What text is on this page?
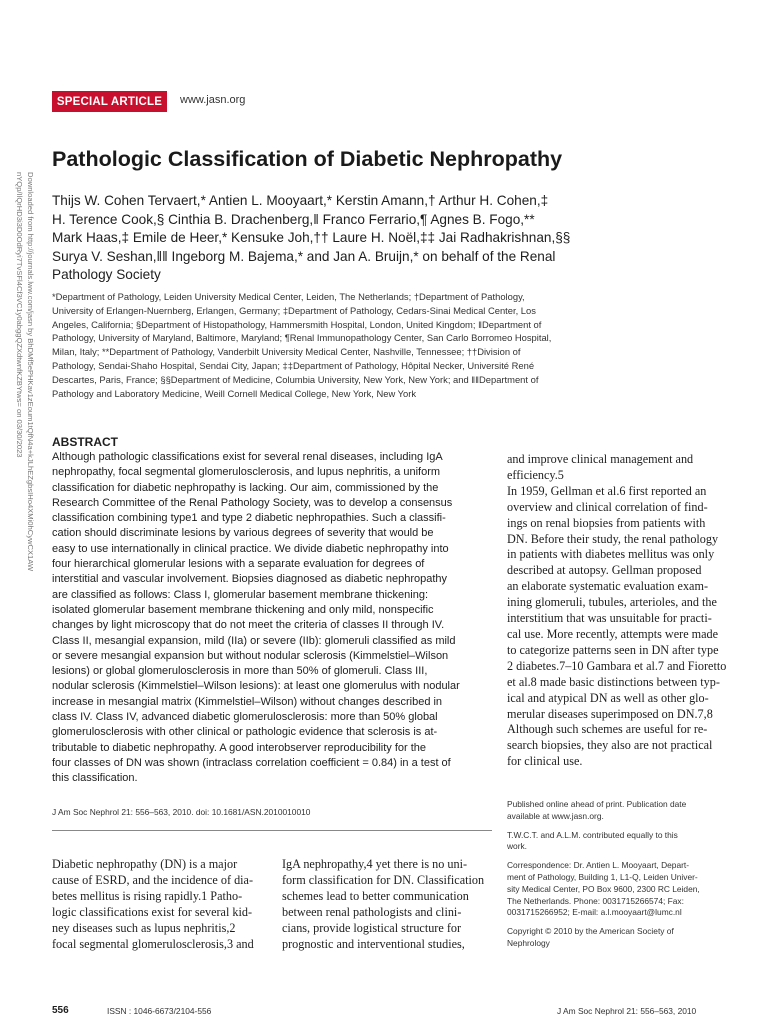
Downloaded from http://journals.lww.com/jasn by BhDMf5ePHKav1zEoum1tQfN4a+kJLhEZgbsIHo4XMi0hCywCX1AW
nYQp/IlQrHD3i3D0OdRyi7TvSFl4Cf3VC1y0abggQZXdtwnfKZBYtws= on 03/30/2023
SPECIAL ARTICLE	www.jasn.org
Pathologic Classification of Diabetic Nephropathy
Thijs W. Cohen Tervaert,* Antien L. Mooyaart,* Kerstin Amann,† Arthur H. Cohen,‡
H. Terence Cook,§ Cinthia B. Drachenberg,‖ Franco Ferrario,¶ Agnes B. Fogo,**
Mark Haas,‡ Emile de Heer,* Kensuke Joh,†† Laure H. Noël,‡‡ Jai Radhakrishnan,§§
Surya V. Seshan,‖‖ Ingeborg M. Bajema,* and Jan A. Bruijn,* on behalf of the Renal
Pathology Society
*Department of Pathology, Leiden University Medical Center, Leiden, The Netherlands; †Department of Pathology,
University of Erlangen-Nuernberg, Erlangen, Germany; ‡Department of Pathology, Cedars-Sinai Medical Center, Los
Angeles, California; §Department of Histopathology, Hammersmith Hospital, London, United Kingdom; ‖Department of
Pathology, University of Maryland, Baltimore, Maryland; ¶Renal Immunopathology Center, San Carlo Borromeo Hospital,
Milan, Italy; **Department of Pathology, Vanderbilt University Medical Center, Nashville, Tennessee; ††Division of
Pathology, Sendai-Shaho Hospital, Sendai City, Japan; ‡‡Department of Pathology, Hôpital Necker, Université René
Descartes, Paris, France; §§Department of Medicine, Columbia University, New York, New York; and ‖‖Department of
Pathology and Laboratory Medicine, Weill Cornell Medical College, New York, New York
ABSTRACT
Although pathologic classifications exist for several renal diseases, including IgA
nephropathy, focal segmental glomerulosclerosis, and lupus nephritis, a uniform
classification for diabetic nephropathy is lacking. Our aim, commissioned by the
Research Committee of the Renal Pathology Society, was to develop a consensus
classification combining type1 and type 2 diabetic nephropathies. Such a classifi-
cation should discriminate lesions by various degrees of severity that would be
easy to use internationally in clinical practice. We divide diabetic nephropathy into
four hierarchical glomerular lesions with a separate evaluation for degrees of
interstitial and vascular involvement. Biopsies diagnosed as diabetic nephropathy
are classified as follows: Class I, glomerular basement membrane thickening:
isolated glomerular basement membrane thickening and only mild, nonspecific
changes by light microscopy that do not meet the criteria of classes II through IV.
Class II, mesangial expansion, mild (IIa) or severe (IIb): glomeruli classified as mild
or severe mesangial expansion but without nodular sclerosis (Kimmelstiel–Wilson
lesions) or global glomerulosclerosis in more than 50% of glomeruli. Class III,
nodular sclerosis (Kimmelstiel–Wilson lesions): at least one glomerulus with nodular
increase in mesangial matrix (Kimmelstiel–Wilson) without changes described in
class IV. Class IV, advanced diabetic glomerulosclerosis: more than 50% global
glomerulosclerosis with other clinical or pathologic evidence that sclerosis is at-
tributable to diabetic nephropathy. A good interobserver reproducibility for the
four classes of DN was shown (intraclass correlation coefficient = 0.84) in a test of
this classification.
J Am Soc Nephrol 21: 556–563, 2010. doi: 10.1681/ASN.2010010010
and improve clinical management and
efficiency.5
In 1959, Gellman et al.6 first reported an
overview and clinical correlation of find-
ings on renal biopsies from patients with
DN. Before their study, the renal pathology
in patients with diabetes mellitus was only
described at autopsy. Gellman proposed
an elaborate systematic evaluation exam-
ining glomeruli, tubules, arterioles, and the
interstitium that was unsuitable for practi-
cal use. More recently, attempts were made
to categorize patterns seen in DN after type
2 diabetes.7–10 Gambara et al.7 and Fioretto
et al.8 made basic distinctions between typ-
ical and atypical DN as well as other glo-
merular diseases superimposed on DN.7,8
Although such schemes are useful for re-
search biopsies, they also are not practical
for clinical use.
Published online ahead of print. Publication date
available at www.jasn.org.
T.W.C.T. and A.L.M. contributed equally to this
work.
Correspondence: Dr. Antien L. Mooyaart, Depart-
ment of Pathology, Building 1, L1-Q, Leiden Univer-
sity Medical Center, PO Box 9600, 2300 RC Leiden,
The Netherlands. Phone: 0031715266574; Fax:
0031715266952; E-mail: a.l.mooyaart@lumc.nl
Copyright © 2010 by the American Society of
Nephrology
Diabetic nephropathy (DN) is a major
cause of ESRD, and the incidence of dia-
betes mellitus is rising rapidly.1 Patho-
logic classifications exist for several kid-
ney diseases such as lupus nephritis,2
focal segmental glomerulosclerosis,3 and
IgA nephropathy,4 yet there is no uni-
form classification for DN. Classification
schemes lead to better communication
between renal pathologists and clini-
cians, provide logistical structure for
prognostic and interventional studies,
556	ISSN : 1046-6673/2104-556	J Am Soc Nephrol 21: 556–563, 2010
